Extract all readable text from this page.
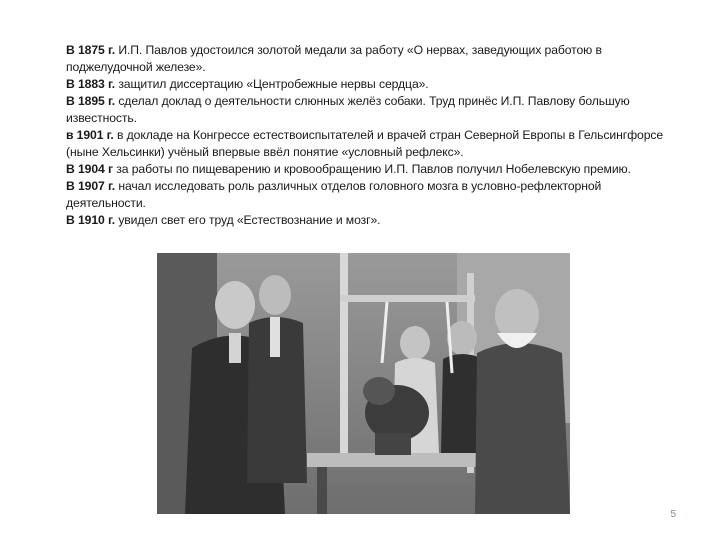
В 1875 г. И.П. Павлов удостоился золотой медали за работу «О нервах, заведующих работою в поджелудочной железе».

В 1883 г. защитил диссертацию «Центробежные нервы сердца».

В 1895 г. сделал доклад о деятельности слюнных желёз собаки. Труд принёс И.П. Павлову большую известность.

в 1901 г. в докладе на Конгрессе естествоиспытателей и врачей стран Северной Европы в Гельсингфорсе (ныне Хельсинки) учёный впервые ввёл понятие «условный рефлекс».

В 1904 г за работы по пищеварению и кровообращению И.П. Павлов получил Нобелевскую премию.

В 1907 г. начал исследовать роль различных отделов головного мозга в условно-рефлекторной деятельности.

В 1910 г. увидел свет его труд «Естествознание и мозг».

5
